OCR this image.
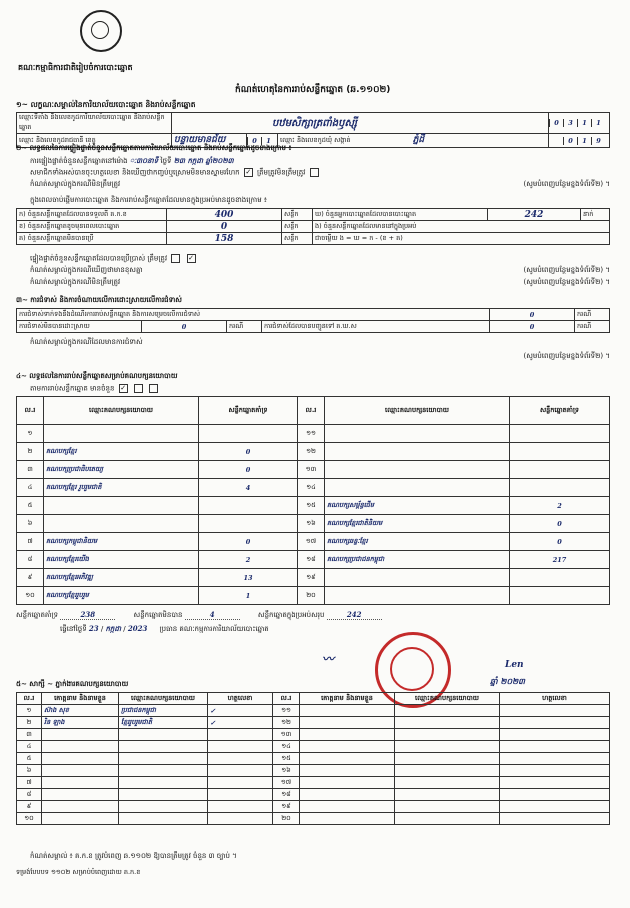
គណៈកម្មាធិការជាតិរៀបចំការបោះឆ្នោត
កំណត់ហេតុនៃការរាប់សន្លឹកឆ្នោត (ឆ.១១០២)
១~ លក្ខណៈសម្គាល់នៃការិយាល័យបោះឆ្នោត និងរាប់សន្លឹកឆ្នោត
ឈ្មោះទីតាំង និងលេខកូដការិយាល័យបោះឆ្នោត និងរាប់សន្លឹកឆ្នោត	បឋមសិក្សាត្រពាំងឫស្ស៊ី			0 3 1 1
ឈ្មោះ និងលេខកូដរាជធានី ខេត្ត	បន្ទាយមានជ័យ	0 1	ឈ្មោះ និងលេខកូដឃុំ សង្កាត់ ភ្នំដី	0 1 9
២~ លទ្ធផលនៃការផ្ទៀងផ្ទាត់ចំនួនសន្លឹកឆ្នោតតាមការិយាល័យបោះឆ្នោត និងរាប់សន្លឹកឆ្នោតដូចខាងក្រោម ៖
ការផ្ទៀងផ្ទាត់ចំនួនសន្លឹកឆ្នោតនៅម៉ោង ៈ៣០នាទី ថ្ងៃទី ២៣ កក្កដា ឆ្នាំ២០២៣
សមាជិកទាំងអស់បានចុះហត្ថលេខា និងឃើញថាកញ្ចប់ឬស្រោមមិនមានស្នាមរហែក ✓ ត្រឹមត្រូវមិនត្រឹមត្រូវ
កំណត់សម្គាល់ក្នុងករណីមិនត្រឹមត្រូវ	(សូមបំពេញបន្ថែមខ្នងទំព័រទី២) ។
ក្នុងពេលចាប់ផ្តើមការបោះឆ្នោត និងការរាប់សន្លឹកឆ្នោតដែលមានក្នុងប្រអប់មានដូចខាងក្រោម ៖
ក) ចំនួនសន្លឹកឆ្នោតដែលបានទទួលពី គ.ក.ខ	400	សន្លឹក	ឃ) ចំនួនអ្នកបោះឆ្នោតដែលបានបោះឆ្នោត	242	នាក់
ខ) ចំនួនសន្លឹកឆ្នោតខូចមុនពេលបោះឆ្នោត	0	សន្លឹក	ង) ចំនួនសន្លឹកឆ្នោតដែលមាននៅក្នុងប្រអប់		
គ) ចំនួនសន្លឹកឆ្នោតមិនបានប្រើ	158	សន្លឹក	ជាចម្លើយ ង = ឃ = ក - (ខ + គ)		
ផ្ទៀងផ្ទាត់ចំនួនសន្លឹកឆ្នោតដែលបានប្រើប្រាស់ ត្រឹមត្រូវ	✓
កំណត់សម្គាល់ក្នុងករណីឃើញថាមានខុសគ្នា	(សូមបំពេញបន្ថែមខ្នងទំព័រទី២) ។
កំណត់សម្គាល់ក្នុងករណីមិនត្រឹមត្រូវ	(សូមបំពេញបន្ថែមខ្នងទំព័រទី២) ។
៣~ ការជំទាស់ និងការចំណាយលើការដោះស្រាយលើការជំទាស់
ការជំទាស់ទាក់ទងនឹងដំណើរការរាប់សន្លឹកឆ្នោត និងការសម្រេចលើការជំទាស់				0	ករណី
ការជំទាស់មិនបានដោះស្រាយ	0	ករណី	ការជំទាស់ដែលបានបញ្ជូនទៅ គ.ឃ.ស	0	ករណី
កំណត់សម្គាល់ក្នុងករណីដែលមានការជំទាស់
(សូមបំពេញបន្ថែមខ្នងទំព័រទី២) ។
៤~ លទ្ធផលនៃការរាប់សន្លឹកឆ្នោតសម្រាប់គណបក្សនយោបាយ
តាមការរាប់សន្លឹកឆ្នោត មានចំនួន ✓
ល.រ	ឈ្មោះគណបក្សនយោបាយ	សន្លឹកឆ្នោតគាំទ្រ	ល.រ	ឈ្មោះគណបក្សនយោបាយ	សន្លឹកឆ្នោតគាំទ្រ
១			១១		
២	គណបក្សខ្មែរ	0	១២		
៣	គណបក្សប្រជាធិបតេយ្យ	0	១៣		
៤	គណបក្សខ្មែរ រួបរួមជាតិ	4	១៤		
៥			១៥	គណបក្សសម្ព័ន្ធដើម	2
៦			១៦	គណបក្សខ្មែរជាតិនិយម	0
៧	គណបក្សកម្ពុជានិយម	0	១៧	គណបក្សឆន្ទៈខ្មែរ	0
៨	គណបក្សខ្មែរយើង	2	១៨	គណបក្សប្រជាជនកម្ពុជា	217
៩	គណបក្សខ្មែរអភិវឌ្ឍ	13	១៩		
១០	គណបក្សខ្មែររួបរួម	1	២០		
សន្លឹកឆ្នោតគាំទ្រ	238	សន្លឹកឆ្នោតមិនបាន	4	សន្លឹកឆ្នោតក្នុងប្រអប់សរុប	242
ធ្វើនៅថ្ងៃទី 23 / កក្កដា / 2023 ប្រធាន គណៈកម្មការការិយាល័យបោះឆ្នោត
〰	Len
ឆ្នាំ ២០២៣
៥~ សាក្សី ~ ភ្នាក់ងារគណបក្សនយោបាយ
ល.រ	គោត្តនាម និងនាមខ្លួន	ឈ្មោះគណបក្សនយោបាយ	ហត្ថលេខា	ល.រ	គោត្តនាម និងនាមខ្លួន	ឈ្មោះគណបក្សនយោបាយ	ហត្ថលេខា
១	ស៊ាង សុខ	ប្រជាជនកម្ពុជា	✓	១១			
២	រិន ឡាង	ខ្មែររួបរួមជាតិ	✓	១២			
៣				១៣			
៤				១៤			
៥				១៥			
៦				១៦			
៧				១៧			
៨				១៨			
៩				១៩			
១០				២០			
កំណត់សម្គាល់ ៖ គ.ក.ខ ត្រូវបំពេញ ឆ.១១០២ ឱ្យបានត្រឹមត្រូវ ចំនួន ៣ ច្បាប់ ។
ទម្រង់បែបបទ ១១០២ សម្រាប់បំពេញដោយ គ.ក.ខ
